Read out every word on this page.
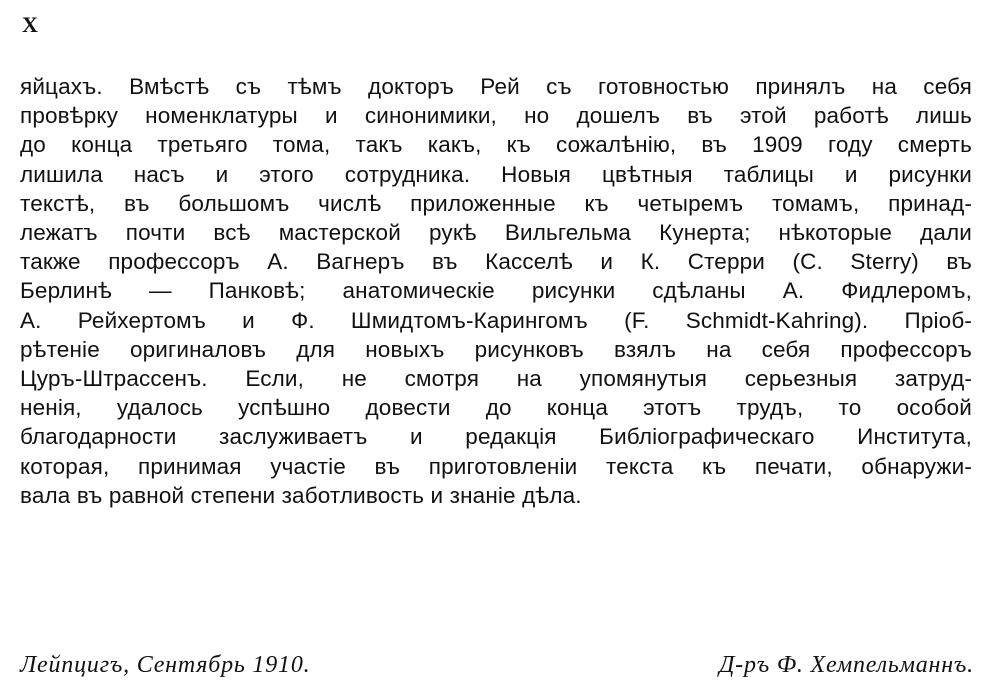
X
яйцахъ. Вмѣстѣ съ тѣмъ докторъ Рей съ готовностью принялъ на себя
провѣрку номенклатуры и синонимики, но дошелъ въ этой работѣ лишь
до конца третьяго тома, такъ какъ, къ сожалѣнію, въ 1909 году смерть
лишила насъ и этого сотрудника. Новыя цвѣтныя таблицы и рисунки
текстѣ, въ большомъ числѣ приложенные къ четыремъ томамъ, принад-
лежатъ почти всѣ мастерской рукѣ Вильгельма Кунерта; нѣкоторые дали
также профессоръ А. Вагнеръ въ Касселѣ и К. Стерри (C. Sterry) въ
Берлинѣ — Панковѣ; анатомическіе рисунки сдѣланы А. Фидлеромъ,
А. Рейхертомъ и Ф. Шмидтомъ-Карингомъ (F. Schmidt-Kahring). Пріоб-
рѣтеніе оригиналовъ для новыхъ рисунковъ взялъ на себя профессоръ
Цуръ-Штрассенъ. Если, не смотря на упомянутыя серьезныя затруд-
ненія, удалось успѣшно довести до конца этотъ трудъ, то особой
благодарности заслуживаетъ и редакція Библіографическаго Института,
которая, принимая участіе въ приготовленіи текста къ печати, обнаружи-
вала въ равной степени заботливость и знаніе дѣла.
Лейпцигъ, Сентябрь 1910.	Д-ръ Ф. Хемпельманнъ.
